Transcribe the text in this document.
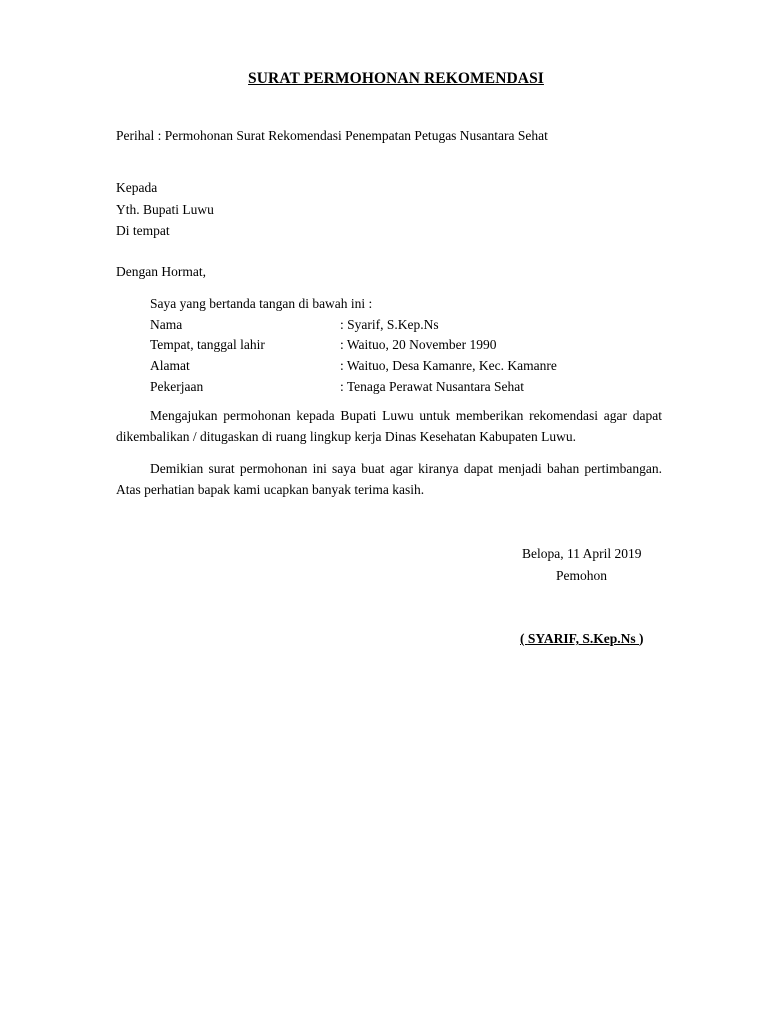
SURAT PERMOHONAN REKOMENDASI
Perihal : Permohonan Surat Rekomendasi Penempatan Petugas Nusantara Sehat
Kepada
Yth. Bupati Luwu
Di tempat
Dengan Hormat,
Saya yang bertanda tangan di bawah ini :
Nama	: Syarif, S.Kep.Ns
Tempat, tanggal lahir	: Waituo, 20 November 1990
Alamat	: Waituo, Desa Kamanre, Kec. Kamanre
Pekerjaan	: Tenaga Perawat Nusantara Sehat
Mengajukan permohonan kepada Bupati Luwu untuk memberikan rekomendasi agar dapat dikembalikan / ditugaskan di ruang lingkup kerja Dinas Kesehatan Kabupaten Luwu.
Demikian surat permohonan ini saya buat agar kiranya dapat menjadi bahan pertimbangan. Atas perhatian bapak kami ucapkan banyak terima kasih.
Belopa, 11 April 2019
Pemohon
( SYARIF, S.Kep.Ns )
